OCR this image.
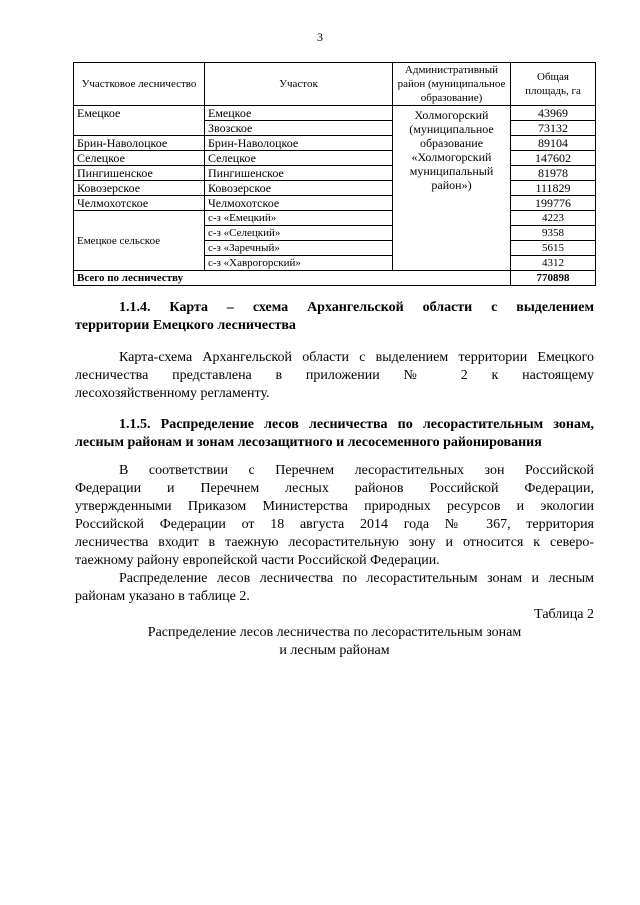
3
Участковое лесничество	Участок	Административный район (муниципальное образование)	Общая площадь, га
Емецкое	Емецкое	Холмогорский (муниципальное образование «Холмогорский муниципальный район»)	43969
	Звозское		73132
Брин-Наволоцкое	Брин-Наволоцкое		89104
Селецкое	Селецкое		147602
Пингишенское	Пингишенское		81978
Ковозерское	Ковозерское		111829
Челмохотское	Челмохотское		199776
Емецкое сельское	с-з «Емецкий»		4223
	с-з «Селецкий»		9358
	с-з «Заречный»		5615
	с-з «Хаврогорский»		4312
Всего по лесничеству			770898

1.1.4. Карта – схема Архангельской области с выделением

территории Емецкого лесничества

Карта-схема Архангельской области с выделением территории Емецкого

лесничества представлена в приложении № 2 к настоящему

лесохозяйственному регламенту.

1.1.5. Распределение лесов лесничества по лесорастительным зонам,

лесным районам и зонам лесозащитного и лесосеменного районирования

В соответствии с Перечнем лесорастительных зон Российской

Федерации и Перечнем лесных районов Российской Федерации,

утвержденными Приказом Министерства природных ресурсов и экологии

Российской Федерации от 18 августа 2014 года № 367, территория

лесничества входит в таежную лесорастительную зону и относится к северо-

таежному району европейской части Российской Федерации.

Распределение лесов лесничества по лесорастительным зонам и лесным

районам указано в таблице 2.

Таблица 2

Распределение лесов лесничества по лесорастительным зонам

и лесным районам
